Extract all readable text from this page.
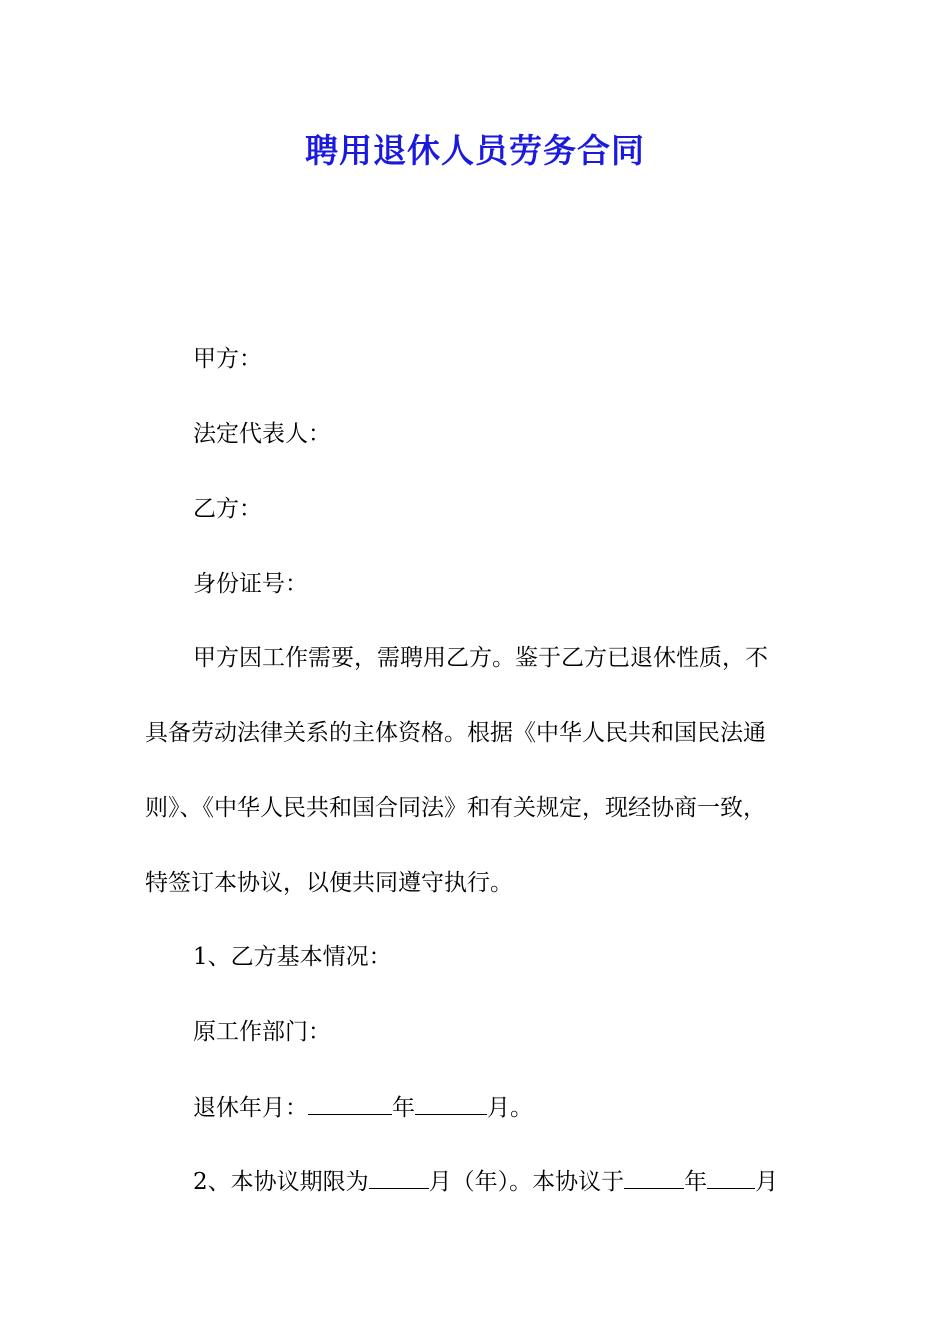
聘用退休人员劳务合同
甲方：
法定代表人：
乙方：
身份证号：
甲方因工作需要，需聘用乙方。鉴于乙方已退休性质，不
具备劳动法律关系的主体资格。根据《中华人民共和国民法通
则》、《中华人民共和国合同法》和有关规定，现经协商一致，
特签订本协议，以便共同遵守执行。
1、乙方基本情况：
原工作部门：
退休年月：	年	月。
2、本协议期限为	月（年）。本协议于	年 月
